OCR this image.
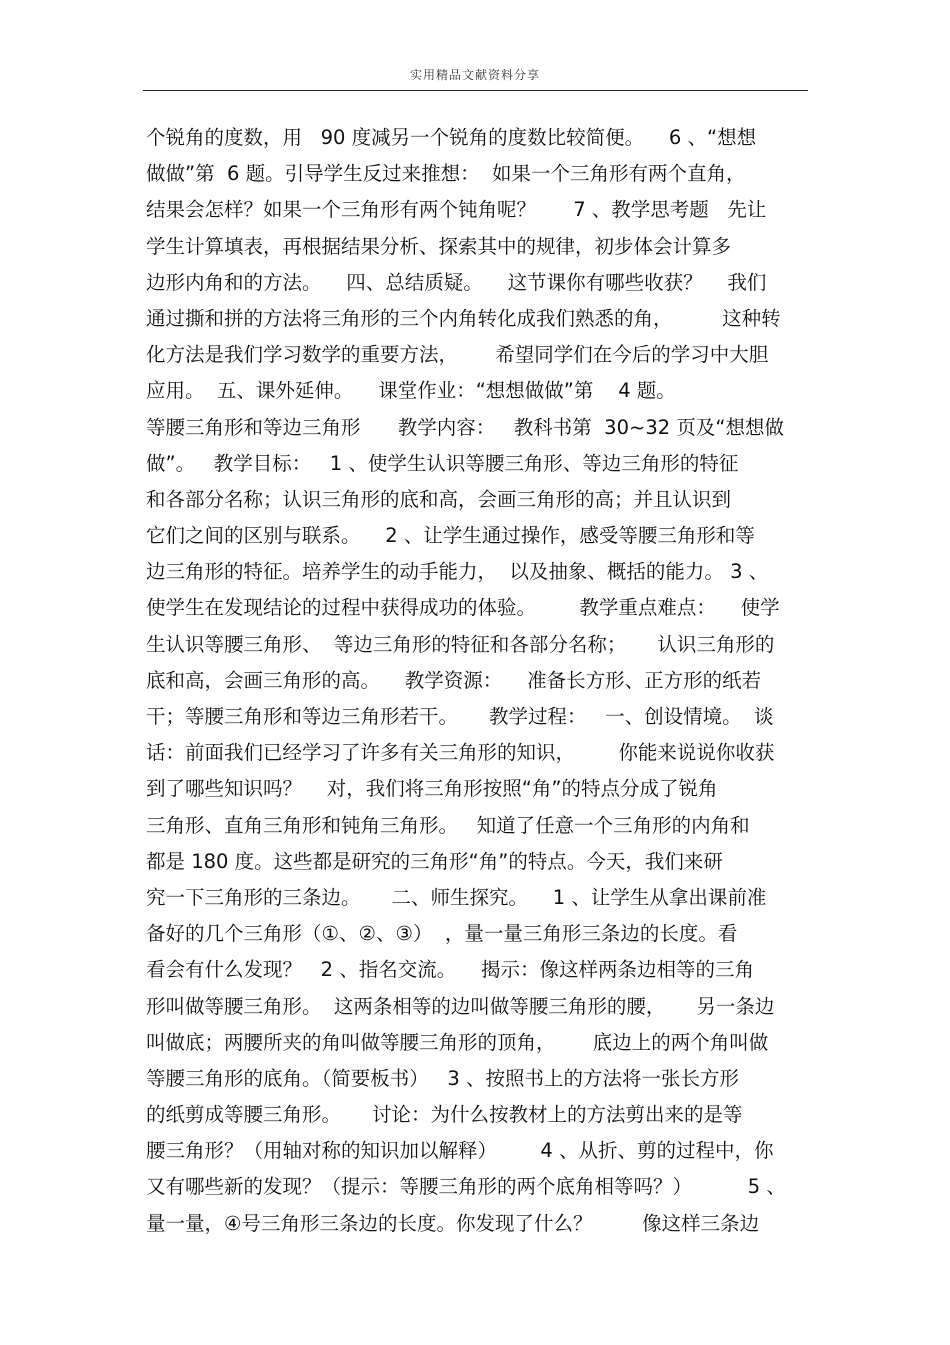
实用精品文献资料分享
个锐角的度数，用   90 度减另一个锐角的度数比较简便。    6 、“想想
做做”第  6 题。引导学生反过来推想：  如果一个三角形有两个直角，
结果会怎样？如果一个三角形有两个钝角呢？      7 、教学思考题   先让
学生计算填表，再根据结果分析、探索其中的规律，初步体会计算多
边形内角和的方法。    四、总结质疑。    这节课你有哪些收获？    我们
通过撕和拼的方法将三角形的三个内角转化成我们熟悉的角，        这种转
化方法是我们学习数学的重要方法，      希望同学们在今后的学习中大胆
应用。  五、课外延伸。    课堂作业：“想想做做”第    4 题。
等腰三角形和等边三角形      教学内容：   教科书第  30~32 页及“想想做
做”。   教学目标：   1 、使学生认识等腰三角形、等边三角形的特征
和各部分名称；认识三角形的底和高，会画三角形的高；并且认识到
它们之间的区别与联系。    2 、让学生通过操作，感受等腰三角形和等
边三角形的特征。培养学生的动手能力，  以及抽象、概括的能力。 3 、
使学生在发现结论的过程中获得成功的体验。       教学重点难点：    使学
生认识等腰三角形、  等边三角形的特征和各部分名称；     认识三角形的
底和高，会画三角形的高。    教学资源：    准备长方形、正方形的纸若
干；等腰三角形和等边三角形若干。     教学过程：   一、创设情境。  谈
话：前面我们已经学习了许多有关三角形的知识，       你能来说说你收获
到了哪些知识吗？    对，我们将三角形按照“角”的特点分成了锐角
三角形、直角三角形和钝角三角形。   知道了任意一个三角形的内角和
都是 180 度。这些都是研究的三角形“角”的特点。今天，我们来研
究一下三角形的三条边。     二、师生探究。    1 、让学生从拿出课前准
备好的几个三角形（①、②、③）  ，量一量三角形三条边的长度。看
看会有什么发现？   2 、指名交流。    揭示：像这样两条边相等的三角
形叫做等腰三角形。  这两条相等的边叫做等腰三角形的腰，     另一条边
叫做底；两腰所夹的角叫做等腰三角形的顶角，      底边上的两个角叫做
等腰三角形的底角。（简要板书）   3 、按照书上的方法将一张长方形
的纸剪成等腰三角形。     讨论：为什么按教材上的方法剪出来的是等
腰三角形？（用轴对称的知识加以解释）       4 、从折、剪的过程中，你
又有哪些新的发现？（提示：等腰三角形的两个底角相等吗？）         5 、
量一量，④号三角形三条边的长度。你发现了什么？        像这样三条边
